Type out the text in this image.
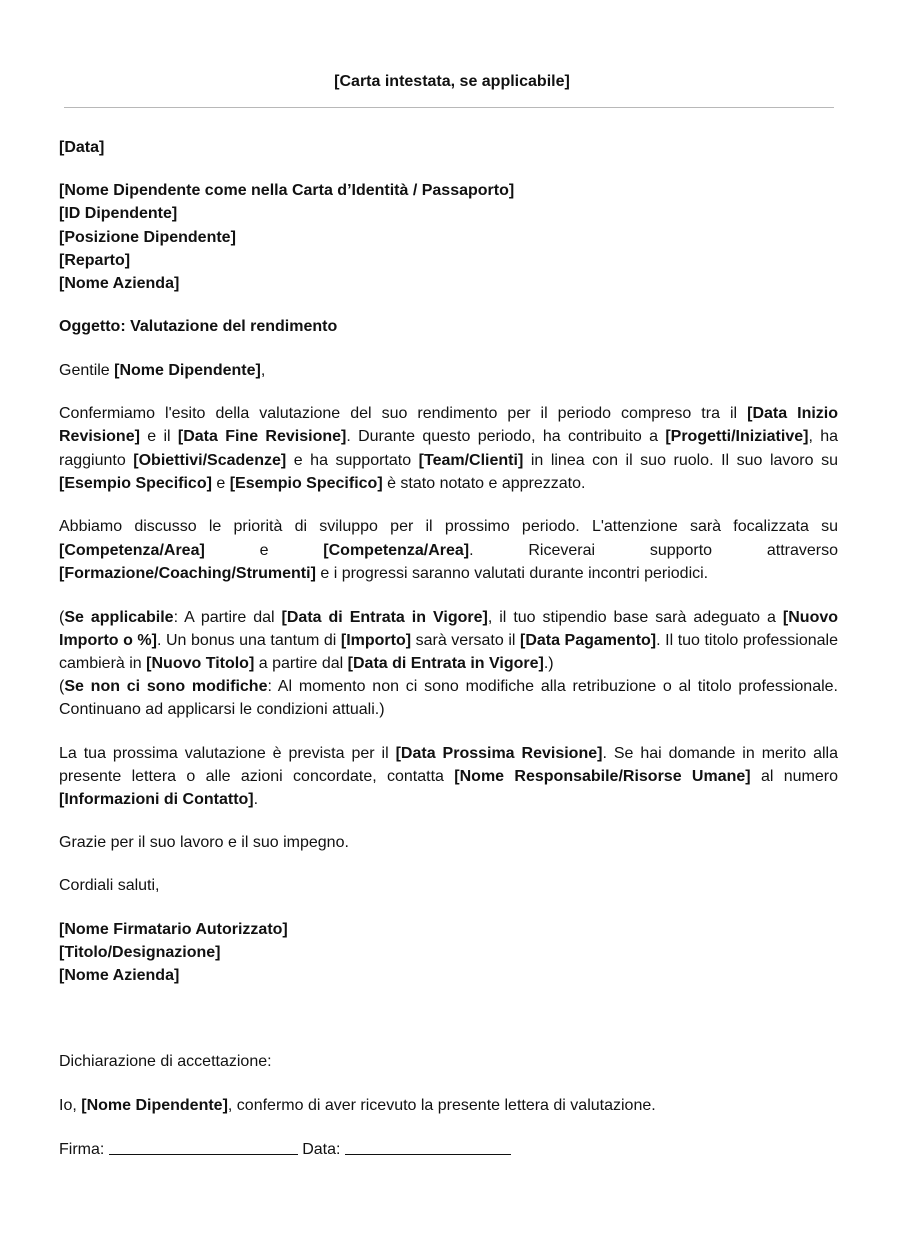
[Carta intestata, se applicabile]

[Data]

[Nome Dipendente come nella Carta d’Identità / Passaporto]
[ID Dipendente]
[Posizione Dipendente]
[Reparto]
[Nome Azienda]

Oggetto: Valutazione del rendimento

Gentile [Nome Dipendente],

Confermiamo l'esito della valutazione del suo rendimento per il periodo compreso tra il [Data Inizio Revisione] e il [Data Fine Revisione]. Durante questo periodo, ha contribuito a [Progetti/Iniziative], ha raggiunto [Obiettivi/Scadenze] e ha supportato [Team/Clienti] in linea con il suo ruolo. Il suo lavoro su [Esempio Specifico] e [Esempio Specifico] è stato notato e apprezzato.

Abbiamo discusso le priorità di sviluppo per il prossimo periodo. L'attenzione sarà focalizzata su [Competenza/Area] e [Competenza/Area]. Riceverai supporto attraverso [Formazione/Coaching/Strumenti] e i progressi saranno valutati durante incontri periodici.

(Se applicabile: A partire dal [Data di Entrata in Vigore], il tuo stipendio base sarà adeguato a [Nuovo Importo o %]. Un bonus una tantum di [Importo] sarà versato il [Data Pagamento]. Il tuo titolo professionale cambierà in [Nuovo Titolo] a partire dal [Data di Entrata in Vigore].)

(Se non ci sono modifiche: Al momento non ci sono modifiche alla retribuzione o al titolo professionale. Continuano ad applicarsi le condizioni attuali.)

La tua prossima valutazione è prevista per il [Data Prossima Revisione]. Se hai domande in merito alla presente lettera o alle azioni concordate, contatta [Nome Responsabile/Risorse Umane] al numero [Informazioni di Contatto].

Grazie per il suo lavoro e il suo impegno.

Cordiali saluti,

[Nome Firmatario Autorizzato]
[Titolo/Designazione]
[Nome Azienda]

Dichiarazione di accettazione:

Io, [Nome Dipendente], confermo di aver ricevuto la presente lettera di valutazione.

Firma:	Data:
